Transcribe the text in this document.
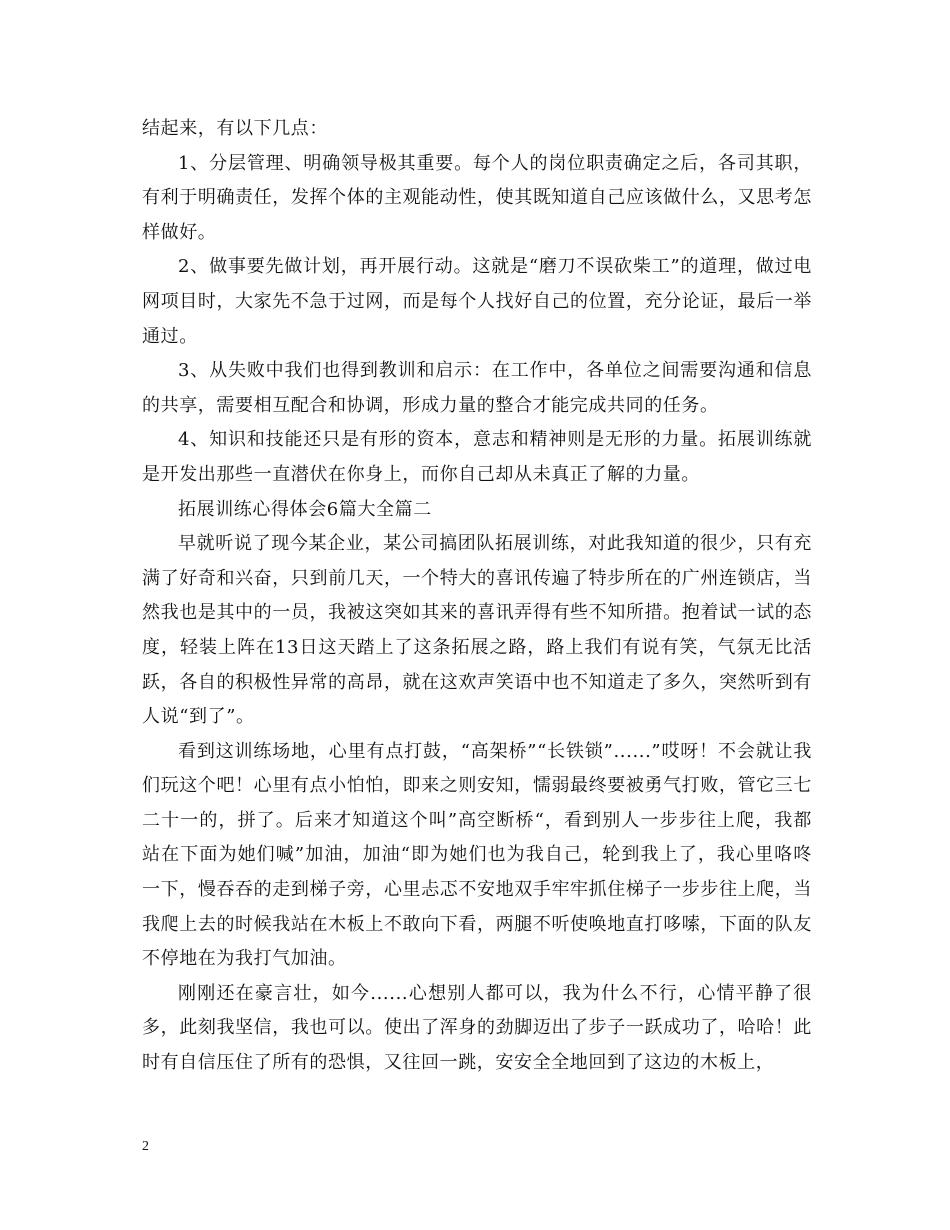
结起来，有以下几点：

1、分层管理、明确领导极其重要。每个人的岗位职责确定之后，各司其职，有利于明确责任，发挥个体的主观能动性，使其既知道自己应该做什么，又思考怎样做好。

2、做事要先做计划，再开展行动。这就是“磨刀不误砍柴工”的道理，做过电网项目时，大家先不急于过网，而是每个人找好自己的位置，充分论证，最后一举通过。

3、从失败中我们也得到教训和启示：在工作中，各单位之间需要沟通和信息的共享，需要相互配合和协调，形成力量的整合才能完成共同的任务。

4、知识和技能还只是有形的资本，意志和精神则是无形的力量。拓展训练就是开发出那些一直潜伏在你身上，而你自己却从未真正了解的力量。

拓展训练心得体会6篇大全篇二

早就听说了现今某企业，某公司搞团队拓展训练，对此我知道的很少，只有充满了好奇和兴奋，只到前几天，一个特大的喜讯传遍了特步所在的广州连锁店，当然我也是其中的一员，我被这突如其来的喜讯弄得有些不知所措。抱着试一试的态度，轻装上阵在13日这天踏上了这条拓展之路，路上我们有说有笑，气氛无比活跃，各自的积极性异常的高昂，就在这欢声笑语中也不知道走了多久，突然听到有人说“到了”。

看到这训练场地，心里有点打鼓，“高架桥”“长铁锁”......”哎呀！不会就让我们玩这个吧！心里有点小怕怕，即来之则安知，懦弱最终要被勇气打败，管它三七二十一的，拼了。后来才知道这个叫”高空断桥“，看到别人一步步往上爬，我都站在下面为她们喊”加油，加油“即为她们也为我自己，轮到我上了，我心里咯咚一下，慢吞吞的走到梯子旁，心里忐忑不安地双手牢牢抓住梯子一步步往上爬，当我爬上去的时候我站在木板上不敢向下看，两腿不听使唤地直打哆嗦，下面的队友不停地在为我打气加油。

刚刚还在豪言壮，如今......心想别人都可以，我为什么不行，心情平静了很多，此刻我坚信，我也可以。使出了浑身的劲脚迈出了步子一跃成功了，哈哈！此时有自信压住了所有的恐惧，又往回一跳，安安全全地回到了这边的木板上，

2
